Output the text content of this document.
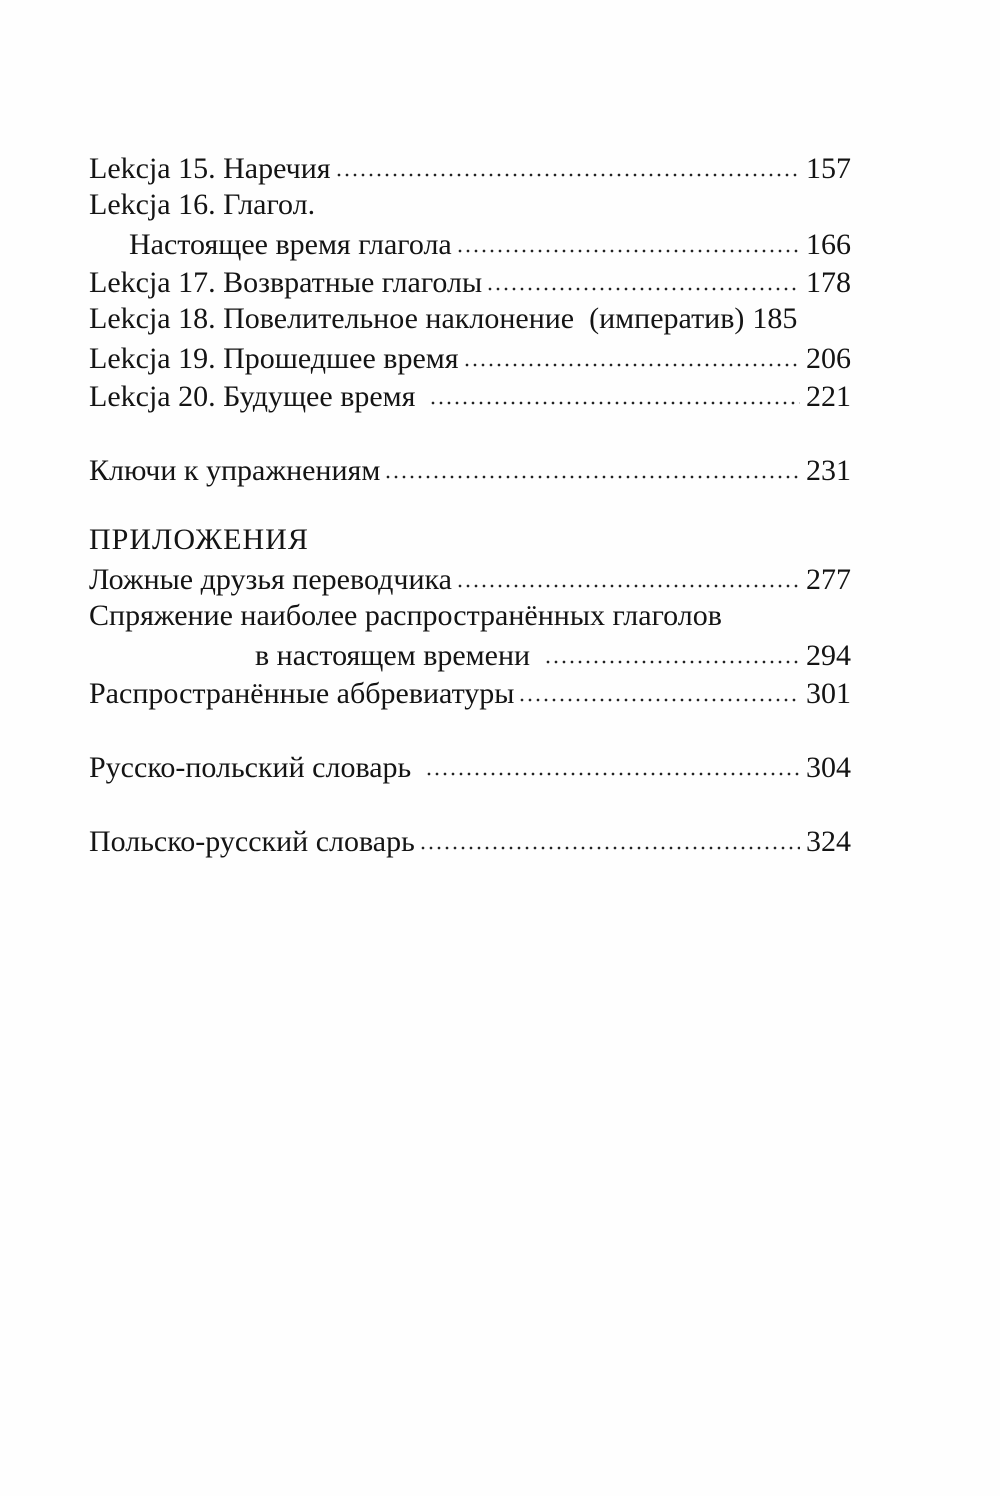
Lekcja 15. Наречия	157
Lekcja 16. Глагол.
Настоящее время глагола	166
Lekcja 17. Возвратные глаголы	178
Lekcja 18. Повелительное наклонение  (императив) 185
Lekcja 19. Прошедшее время	206
Lekcja 20. Будущее время	221
Ключи к упражнениям	231
ПРИЛОЖЕНИЯ
Ложные друзья переводчика	277
Спряжение наиболее распространённых глаголов
в настоящем времени	294
Распространённые аббревиатуры	301
Русско-польский словарь	304
Польско-русский словарь	324
